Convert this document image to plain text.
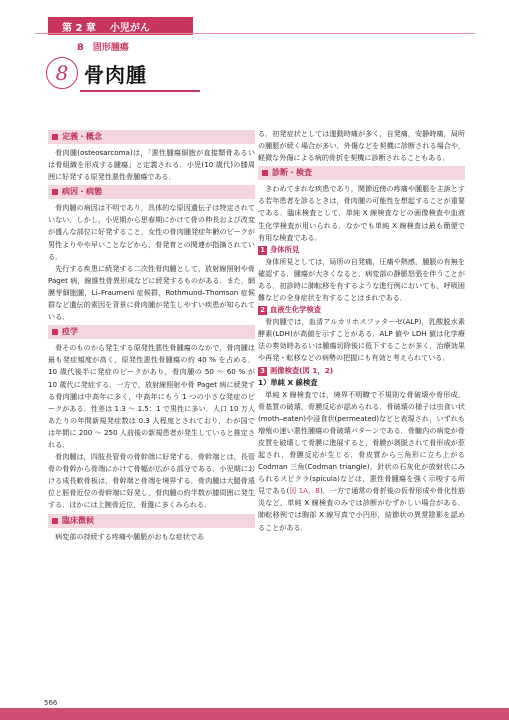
第 2 章	小児がん
B　固形腫瘍
8 骨肉腫
定義・概念

骨肉腫(osteosarcoma)は，「悪性腫瘍細胞が直接類骨あるいは骨組織を形成する腫瘍」と定義される．小児(10 歳代)の膝周囲に好発する原発性悪性骨腫瘍である．

病因・病態

骨肉腫の病因は不明であり，具体的な原因遺伝子は特定されていない．しかし，小児期から思春期にかけて骨の伸長および改変が盛んな部位に好発すること，女性の骨肉腫発症年齢のピークが男性よりやや早いことなどから，骨発育との関連が指摘されている．

先行する疾患に続発する二次性骨肉腫として，放射線照射や骨 Paget 病，線維性骨異形成などに続発するものがある．また，網膜芽細胞腫，Li–Fraumeni 症候群，Rothmund–Thomson 症候群など遺伝的素因を背景に骨肉腫が発生しやすい疾患が知られている．

疫学

骨そのものから発生する原発性悪性骨腫瘍のなかで，骨肉腫は最も発症頻度が高く，原発性悪性骨腫瘍の約 40 % を占める．10 歳代後半に発症のピークがあり，骨肉腫の 50 ～ 60 % が 10 歳代に発症する．一方で，放射線照射や骨 Paget 病に続発する骨肉腫は中高年に多く，中高年にもう 1 つの小さな発症のピークがある．性差は 1.3 ～ 1.5：1 で男性に多い．人口 10 万人あたりの年間新規発症数は 0.3 人程度とされており，わが国では年間に 200 ～ 250 人前後の新規患者が発生していると推定される．

骨肉腫は，四肢長管骨の骨幹端に好発する．骨幹端とは，長管骨の骨幹から骨端にかけて骨幅が広がる部分である．小児期における成長軟骨板は，骨幹端と骨端を境界する．骨肉腫は大腿骨遠位と脛骨近位の骨幹端に好発し，骨肉腫の約半数が膝周囲に発生する．ほかには上腕骨近位，骨盤に多くみられる．

臨床徴候

病変部の持続する疼痛や腫脹がおもな症状であ

る．初発症状としては運動時痛が多く，自発痛，安静時痛，局所の腫脹が続く場合が多い．外傷などを契機に診断される場合や，軽微な外傷による病的骨折を契機に診断されることもある．

診断・検査

きわめてまれな疾患であり，関節近傍の疼痛や腫脹を主訴とする若年患者を診るときは，骨肉腫の可能性を想起することが重要である．臨床検査として，単純 X 線検査などの画像検査や血液生化学検査が用いられる．なかでも単純 X 線検査は最も簡便で有用な検査である．

1 身体所見

身体所見としては，局所の自発痛，圧痛や熱感，腫脹の有無を確認する．腫瘍が大きくなると，病変部の静脈怒張を伴うことがある．初診時に肺転移を有するような進行例においても，呼吸困難などの全身症状を有することはまれである．

2 血液生化学検査

骨肉腫では，血清アルカリホスファターゼ(ALP)，乳酸脱水素酵素(LDH)が高値を示すことがある．ALP 値や LDH 値は化学療法の奏効時あるいは腫瘍切除後に低下することが多く，治療効果や再発・転移などの病勢の把握にも有効と考えられている．

3 画像検査(図 1，2)
1）単純 X 線検査

単純 X 線検査では，境界不明瞭で不規則な骨破壊や骨形成，骨基質の破壊，骨膜反応が認められる．骨破壊の様子は虫食い状(moth–eaten)や浸食状(permeated)などと表現され，いずれも増殖の速い悪性腫瘍の骨破壊パターンである．骨髄内の病変が骨皮質を破壊して骨膜に進展すると，骨膜が剥脱されて骨形成が惹起され，骨膜反応が生じる．骨皮質から三角形に立ち上がる Codman 三角(Codman triangle)，針状の石灰化が放射状にみられるスピクラ(spicula)などは，悪性骨腫瘍を強く示唆する所見である(図 1A，B)．一方で通常の骨折後の仮骨形成や骨化性筋炎など，単純 X 線検査のみでは診断がむずかしい場合がある．肺転移例では胸部 X 線写真で小円形，結節状の異常陰影を認めることがある．

566
